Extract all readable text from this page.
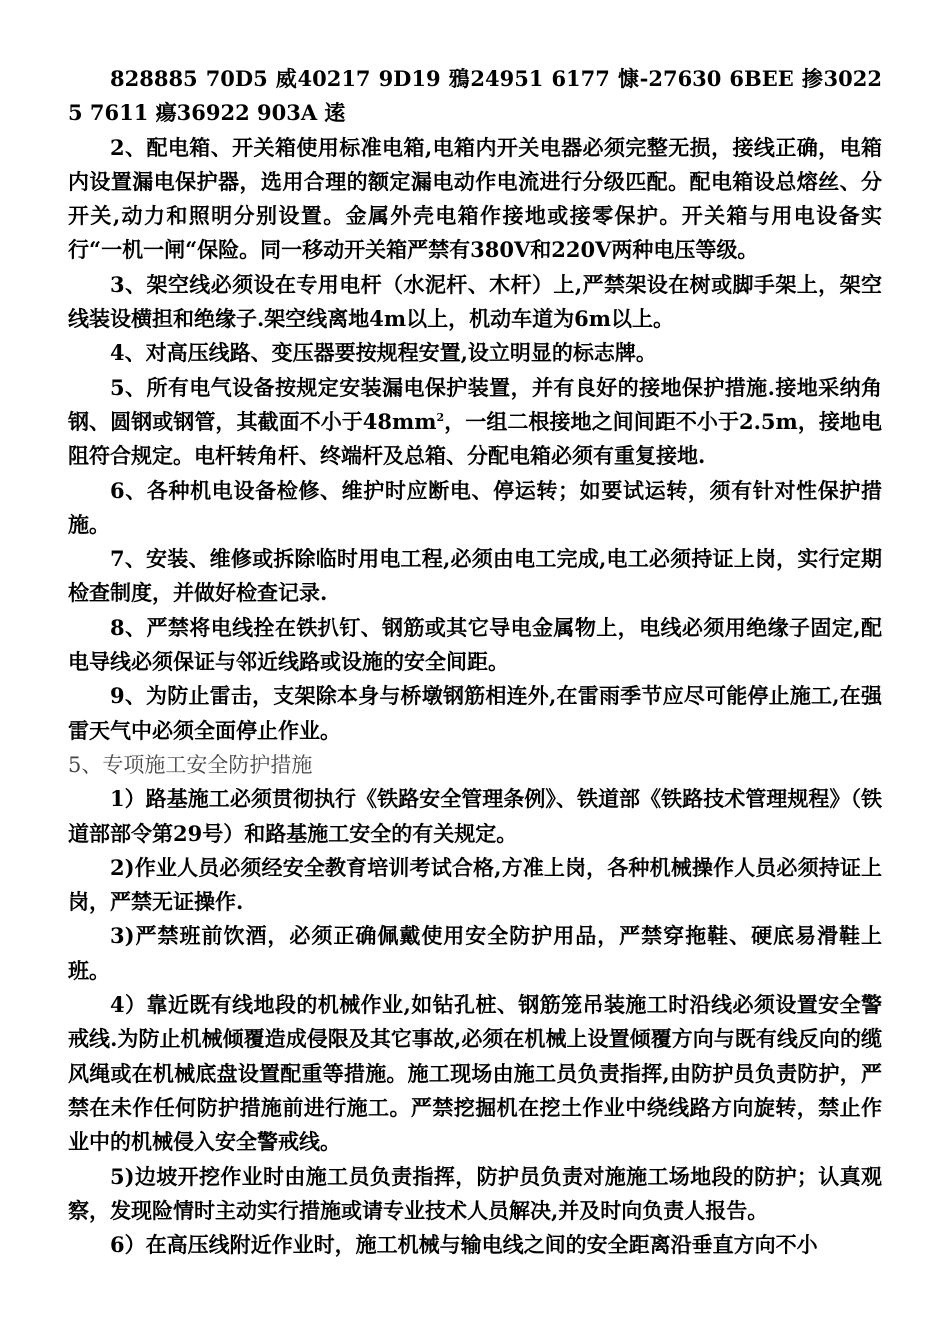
828885 70D5 威40217 9D19 鴉24951 6177 慷-27630 6BEE 掺30225 7611 瘍36922 903A 逺

2、配电箱、开关箱使用标准电箱,电箱内开关电器必须完整无损，接线正确，电箱内设置漏电保护器，选用合理的额定漏电动作电流进行分级匹配。配电箱设总熔丝、分开关,动力和照明分别设置。金属外壳电箱作接地或接零保护。开关箱与用电设备实行“一机一闸“保险。同一移动开关箱严禁有380V和220V两种电压等级。

3、架空线必须设在专用电杆（水泥杆、木杆）上,严禁架设在树或脚手架上，架空线装设横担和绝缘子.架空线离地4m以上，机动车道为6m以上。

4、对高压线路、变压器要按规程安置,设立明显的标志牌。

5、所有电气设备按规定安装漏电保护装置，并有良好的接地保护措施.接地采纳角钢、圆钢或钢管，其截面不小于$48mm^2$，一组二根接地之间间距不小于2.5m，接地电阻符合规定。电杆转角杆、终端杆及总箱、分配电箱必须有重复接地.

6、各种机电设备检修、维护时应断电、停运转；如要试运转，须有针对性保护措施。

7、安装、维修或拆除临时用电工程,必须由电工完成,电工必须持证上岗，实行定期检查制度，并做好检查记录.

8、严禁将电线拴在铁扒钉、钢筋或其它导电金属物上，电线必须用绝缘子固定,配电导线必须保证与邻近线路或设施的安全间距。

9、为防止雷击，支架除本身与桥墩钢筋相连外,在雷雨季节应尽可能停止施工,在强雷天气中必须全面停止作业。

5、专项施工安全防护措施

1）路基施工必须贯彻执行《铁路安全管理条例》、铁道部《铁路技术管理规程》（铁道部部令第29号）和路基施工安全的有关规定。

2)作业人员必须经安全教育培训考试合格,方准上岗，各种机械操作人员必须持证上岗，严禁无证操作.

3)严禁班前饮酒，必须正确佩戴使用安全防护用品，严禁穿拖鞋、硬底易滑鞋上班。

4）靠近既有线地段的机械作业,如钻孔桩、钢筋笼吊装施工时沿线必须设置安全警戒线.为防止机械倾覆造成侵限及其它事故,必须在机械上设置倾覆方向与既有线反向的缆风绳或在机械底盘设置配重等措施。施工现场由施工员负责指挥,由防护员负责防护，严禁在未作任何防护措施前进行施工。严禁挖掘机在挖土作业中绕线路方向旋转，禁止作业中的机械侵入安全警戒线。

5)边坡开挖作业时由施工员负责指挥，防护员负责对施施工场地段的防护；认真观察，发现险情时主动实行措施或请专业技术人员解决,并及时向负责人报告。

6）在高压线附近作业时，施工机械与输电线之间的安全距离沿垂直方向不小
